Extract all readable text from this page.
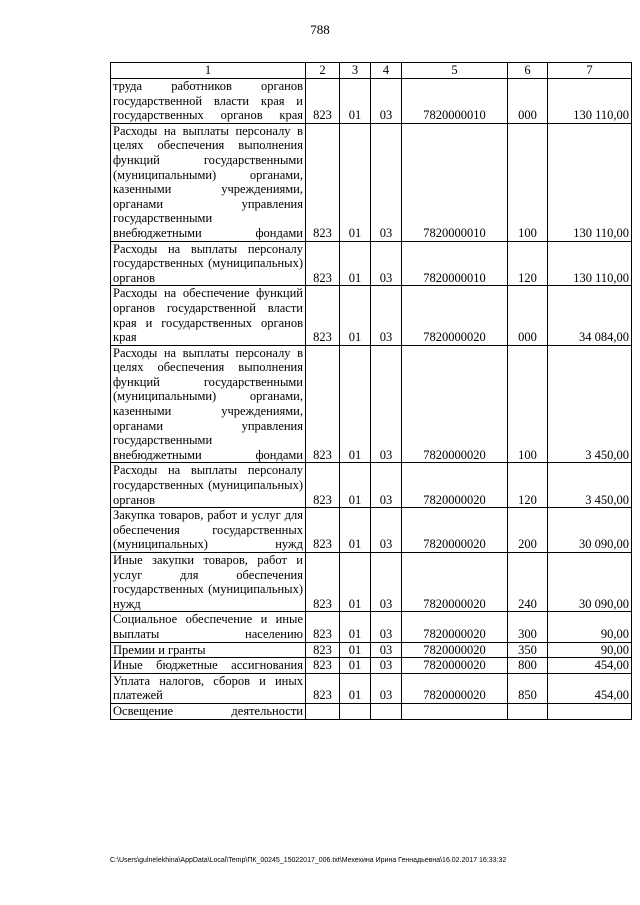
788
1	2	3	4	5	6	7
труда работников органов государственной власти края и государственных органов края	823	01	03	7820000010	000	130 110,00
Расходы на выплаты персоналу в целях обеспечения выполнения функций государственными (муниципальными) органами, казенными учреждениями, органами управления государственными внебюджетными фондами	823	01	03	7820000010	100	130 110,00
Расходы на выплаты персоналу государственных (муниципальных) органов	823	01	03	7820000010	120	130 110,00
Расходы на обеспечение функций органов государственной власти края и государственных органов края	823	01	03	7820000020	000	34 084,00
Расходы на выплаты персоналу в целях обеспечения выполнения функций государственными (муниципальными) органами, казенными учреждениями, органами управления государственными внебюджетными фондами	823	01	03	7820000020	100	3 450,00
Расходы на выплаты персоналу государственных (муниципальных) органов	823	01	03	7820000020	120	3 450,00
Закупка товаров, работ и услуг для обеспечения государственных (муниципальных) нужд	823	01	03	7820000020	200	30 090,00
Иные закупки товаров, работ и услуг для обеспечения государственных (муниципальных) нужд	823	01	03	7820000020	240	30 090,00
Социальное обеспечение и иные выплаты населению	823	01	03	7820000020	300	90,00
Премии и гранты	823	01	03	7820000020	350	90,00
Иные бюджетные ассигнования	823	01	03	7820000020	800	454,00
Уплата налогов, сборов и иных платежей	823	01	03	7820000020	850	454,00
Освещение деятельности						
C:\Users\gulnelekhina\AppData\Local\Temp\ПК_00245_15022017_006.txt\Мехехина Ирина Геннадьевна\16.02.2017 16:33:32
